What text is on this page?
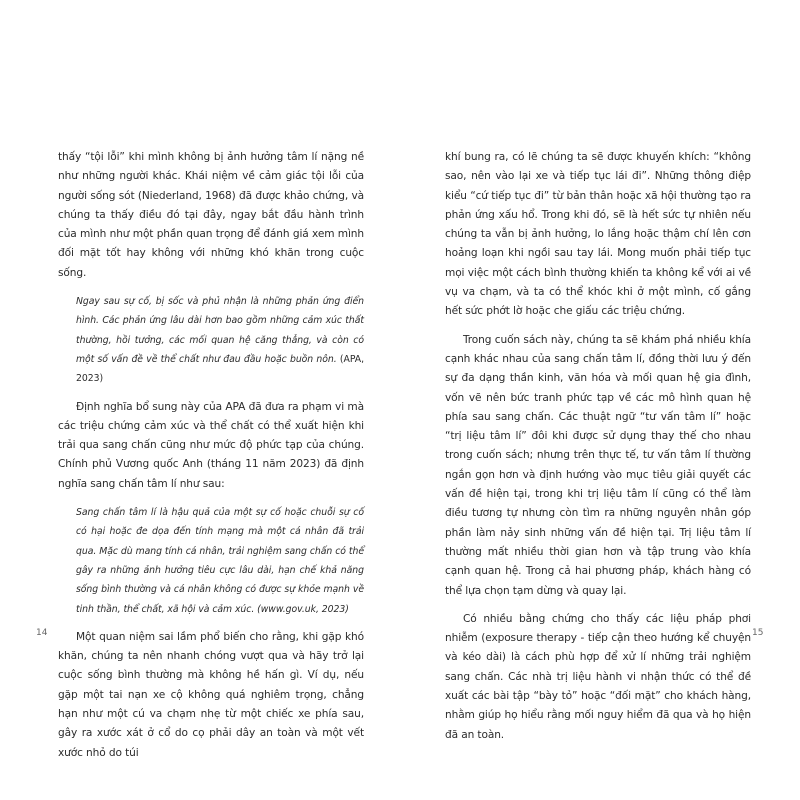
thấy “tội lỗi” khi mình không bị ảnh hưởng tâm lí nặng nề như những người khác. Khái niệm về cảm giác tội lỗi của người sống sót (Niederland, 1968) đã được khảo chứng, và chúng ta thấy điều đó tại đây, ngay bắt đầu hành trình của mình như một phần quan trọng để đánh giá xem mình đối mặt tốt hay không với những khó khăn trong cuộc sống.

Ngay sau sự cố, bị sốc và phủ nhận là những phản ứng điển hình. Các phản ứng lâu dài hơn bao gồm những cảm xúc thất thường, hồi tưởng, các mối quan hệ căng thẳng, và còn có một số vấn đề về thể chất như đau đầu hoặc buồn nôn. (APA, 2023)

Định nghĩa bổ sung này của APA đã đưa ra phạm vi mà các triệu chứng cảm xúc và thể chất có thể xuất hiện khi trải qua sang chấn cũng như mức độ phức tạp của chúng. Chính phủ Vương quốc Anh (tháng 11 năm 2023) đã định nghĩa sang chấn tâm lí như sau:

Sang chấn tâm lí là hậu quả của một sự cố hoặc chuỗi sự cố có hại hoặc đe dọa đến tính mạng mà một cá nhân đã trải qua. Mặc dù mang tính cá nhân, trải nghiệm sang chấn có thể gây ra những ảnh hưởng tiêu cực lâu dài, hạn chế khả năng sống bình thường và cá nhân không có được sự khỏe mạnh về tinh thần, thể chất, xã hội và cảm xúc. (www.gov.uk, 2023)

Một quan niệm sai lầm phổ biến cho rằng, khi gặp khó khăn, chúng ta nên nhanh chóng vượt qua và hãy trở lại cuộc sống bình thường mà không hề hấn gì. Ví dụ, nếu gặp một tai nạn xe cộ không quá nghiêm trọng, chẳng hạn như một cú va chạm nhẹ từ một chiếc xe phía sau, gây ra xước xát ở cổ do cọ phải dây an toàn và một vết xước nhỏ do túi

khí bung ra, có lẽ chúng ta sẽ được khuyến khích: “không sao, nên vào lại xe và tiếp tục lái đi”. Những thông điệp kiểu “cứ tiếp tục đi” từ bản thân hoặc xã hội thường tạo ra phản ứng xấu hổ. Trong khi đó, sẽ là hết sức tự nhiên nếu chúng ta vẫn bị ảnh hưởng, lo lắng hoặc thậm chí lên cơn hoảng loạn khi ngồi sau tay lái. Mong muốn phải tiếp tục mọi việc một cách bình thường khiến ta không kể với ai về vụ va chạm, và ta có thể khóc khi ở một mình, cố gắng hết sức phớt lờ hoặc che giấu các triệu chứng.

Trong cuốn sách này, chúng ta sẽ khám phá nhiều khía cạnh khác nhau của sang chấn tâm lí, đồng thời lưu ý đến sự đa dạng thần kinh, văn hóa và mối quan hệ gia đình, vốn vẽ nên bức tranh phức tạp về các mô hình quan hệ phía sau sang chấn. Các thuật ngữ “tư vấn tâm lí” hoặc “trị liệu tâm lí” đôi khi được sử dụng thay thế cho nhau trong cuốn sách; nhưng trên thực tế, tư vấn tâm lí thường ngắn gọn hơn và định hướng vào mục tiêu giải quyết các vấn đề hiện tại, trong khi trị liệu tâm lí cũng có thể làm điều tương tự nhưng còn tìm ra những nguyên nhân góp phần làm nảy sinh những vấn đề hiện tại. Trị liệu tâm lí thường mất nhiều thời gian hơn và tập trung vào khía cạnh quan hệ. Trong cả hai phương pháp, khách hàng có thể lựa chọn tạm dừng và quay lại.

Có nhiều bằng chứng cho thấy các liệu pháp phơi nhiễm (exposure therapy - tiếp cận theo hướng kể chuyện và kéo dài) là cách phù hợp để xử lí những trải nghiệm sang chấn. Các nhà trị liệu hành vi nhận thức có thể đề xuất các bài tập “bày tỏ” hoặc “đối mặt” cho khách hàng, nhằm giúp họ hiểu rằng mối nguy hiểm đã qua và họ hiện đã an toàn.

14	15
